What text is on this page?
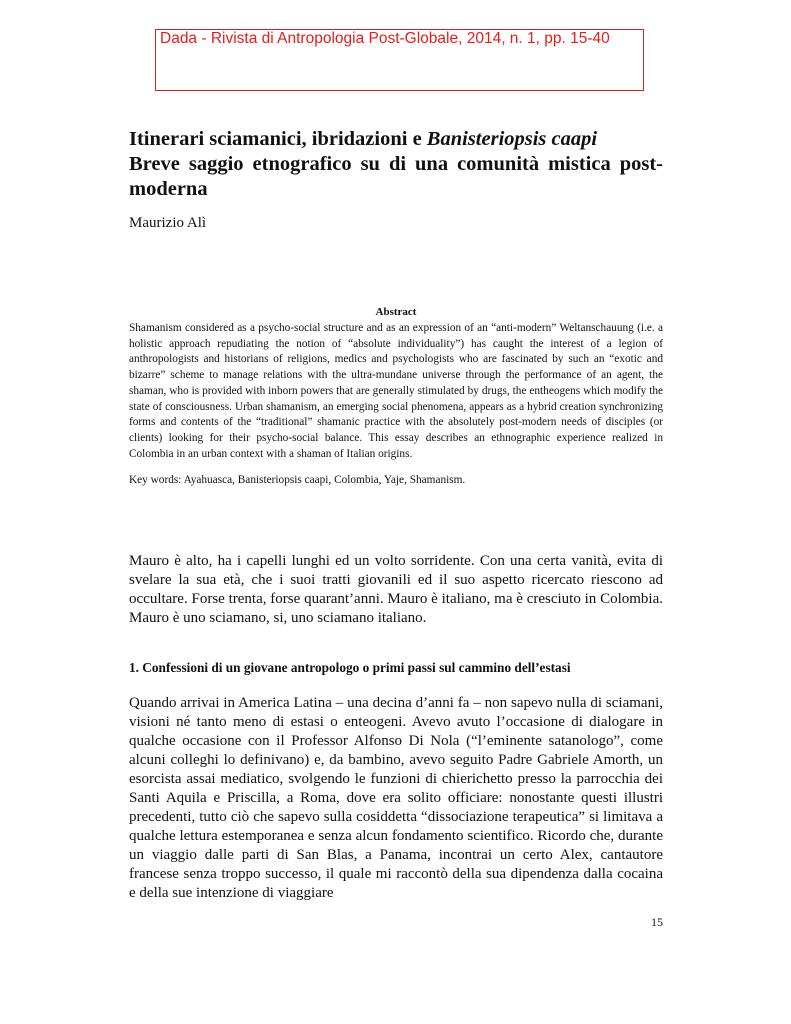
Dada - Rivista di Antropologia Post-Globale, 2014, n. 1, pp. 15-40
Itinerari sciamanici, ibridazioni e Banisteriopsis caapi
Breve saggio etnografico su di una comunità mistica post-
moderna
Maurizio Alì
Abstract

Shamanism considered as a psycho-social structure and as an expression of an “anti-modern” Weltanschauung (i.e. a holistic approach repudiating the notion of “absolute individuality”) has caught the interest of a legion of anthropologists and historians of religions, medics and psychologists who are fascinated by such an “exotic and bizarre” scheme to manage relations with the ultra-mundane universe through the performance of an agent, the shaman, who is provided with inborn powers that are generally stimulated by drugs, the entheogens which modify the state of consciousness. Urban shamanism, an emerging social phenomena, appears as a hybrid creation synchronizing forms and contents of the “traditional” shamanic practice with the absolutely post-modern needs of disciples (or clients) looking for their psycho-social balance. This essay describes an ethnographic experience realized in Colombia in an urban context with a shaman of Italian origins.

Key words: Ayahuasca, Banisteriopsis caapi, Colombia, Yaje, Shamanism.

Mauro è alto, ha i capelli lunghi ed un volto sorridente. Con una certa vanità, evita di svelare la sua età, che i suoi tratti giovanili ed il suo aspetto ricercato riescono ad occultare. Forse trenta, forse quarant’anni. Mauro è italiano, ma è cresciuto in Colombia. Mauro è uno sciamano, si, uno sciamano italiano.

1. Confessioni di un giovane antropologo o primi passi sul cammino dell’estasi

Quando arrivai in America Latina – una decina d’anni fa – non sapevo nulla di sciamani, visioni né tanto meno di estasi o enteogeni. Avevo avuto l’occasione di dialogare in qualche occasione con il Professor Alfonso Di Nola (“l’eminente satanologo”, come alcuni colleghi lo definivano) e, da bambino, avevo seguito Padre Gabriele Amorth, un esorcista assai mediatico, svolgendo le funzioni di chierichetto presso la parrocchia dei Santi Aquila e Priscilla, a Roma, dove era solito officiare: nonostante questi illustri precedenti, tutto ciò che sapevo sulla cosiddetta “dissociazione terapeutica” si limitava a qualche lettura estemporanea e senza alcun fondamento scientifico. Ricordo che, durante un viaggio dalle parti di San Blas, a Panama, incontrai un certo Alex, cantautore francese senza troppo successo, il quale mi raccontò della sua dipendenza dalla cocaina e della sue intenzione di viaggiare

15
